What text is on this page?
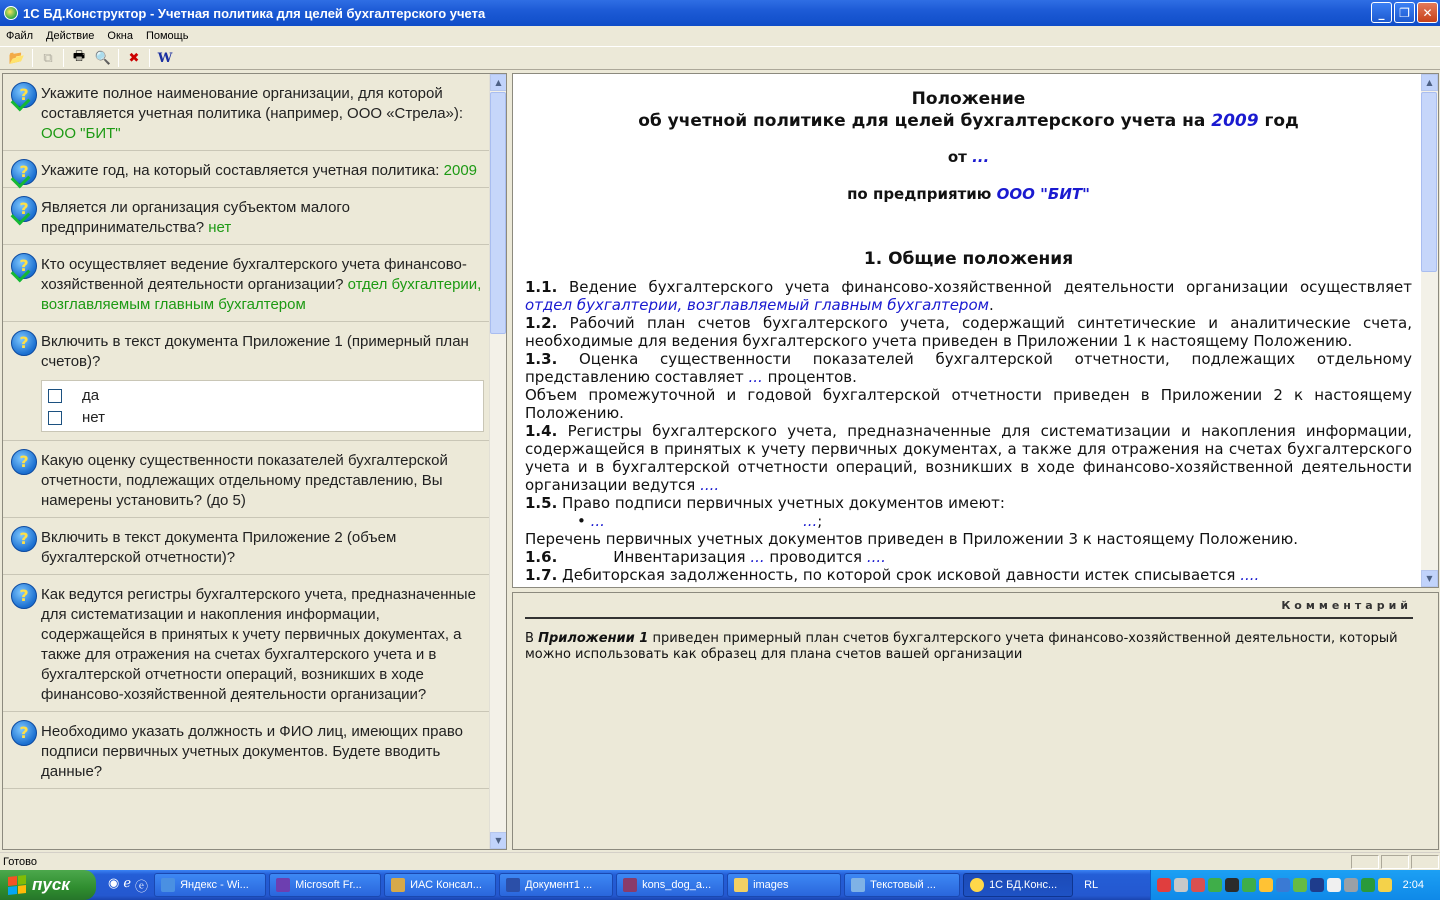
1С БД.Конструктор - Учетная политика для целей бухгалтерского учета	_	❐	✕
Файл	Действие	Окна	Помощь
📂	⧉	🖶 🔍	✖	W
? Укажите полное наименование организации, для которой составляется учетная политика (например, ООО «Стрела»): ООО "БИТ"
? Укажите год, на который составляется учетная политика: 2009
? Является ли организация субъектом малого предпринимательства? нет
? Кто осуществляет ведение бухгалтерского учета финансово-хозяйственной деятельности организации? отдел бухгалтерии, возглавляемым главным бухгалтером
? Включить в текст документа Приложение 1 (примерный план счетов)?
да
нет
? Какую оценку существенности показателей бухгалтерской отчетности, подлежащих отдельному представлению, Вы намерены установить? (до 5)
? Включить в текст документа Приложение 2 (объем бухгалтерской отчетности)?
? Как ведутся регистры бухгалтерского учета, предназначенные для систематизации и накопления информации, содержащейся в принятых к учету первичных документах, а также для отражения на счетах бухгалтерского учета и в бухгалтерской отчетности операций, возникших в ходе финансово-хозяйственной деятельности организации?
? Необходимо указать должность и ФИО лиц, имеющих право подписи первичных учетных документов. Будете вводить данные?
▲
▼
Положение
об учетной политике для целей бухгалтерского учета на 2009 год
от ...
по предприятию ООО "БИТ"
1. Общие положения

1.1. Ведение бухгалтерского учета финансово-хозяйственной деятельности организации осуществляет отдел бухгалтерии, возглавляемый главным бухгалтером.

1.2. Рабочий план счетов бухгалтерского учета, содержащий синтетические и аналитические счета, необходимые для ведения бухгалтерского учета приведен в Приложении 1 к настоящему Положению.

1.3. Оценка существенности показателей бухгалтерской отчетности, подлежащих отдельному представлению составляет ... процентов.

Объем промежуточной и годовой бухгалтерской отчетности приведен в Приложении 2 к настоящему Положению.

1.4. Регистры бухгалтерского учета, предназначенные для систематизации и накопления информации, содержащейся в принятых к учету первичных документах, а также для отражения на счетах бухгалтерского учета и в бухгалтерской отчетности операций, возникших в ходе финансово-хозяйственной деятельности организации ведутся ....

1.5. Право подписи первичных учетных документов имеют:

• ...	...;

Перечень первичных учетных документов приведен в Приложении 3 к настоящему Положению.

1.6.	Инвентаризация ... проводится ....

1.7. Дебиторская задолженность, по которой срок исковой давности истек списывается ....

▲
▼
Комментарий
В Приложении 1 приведен примерный план счетов бухгалтерского учета финансово-хозяйственной деятельности, который можно использовать как образец для плана счетов вашей организации
Готово
пуск	◉ ℯ ⓔ	Яндекс - Wi...	Microsoft Fr...	ИАС Консал...	Документ1 ...	kons_dog_a...	images	Текстовый ...	1С БД.Конс... RL	2:04
